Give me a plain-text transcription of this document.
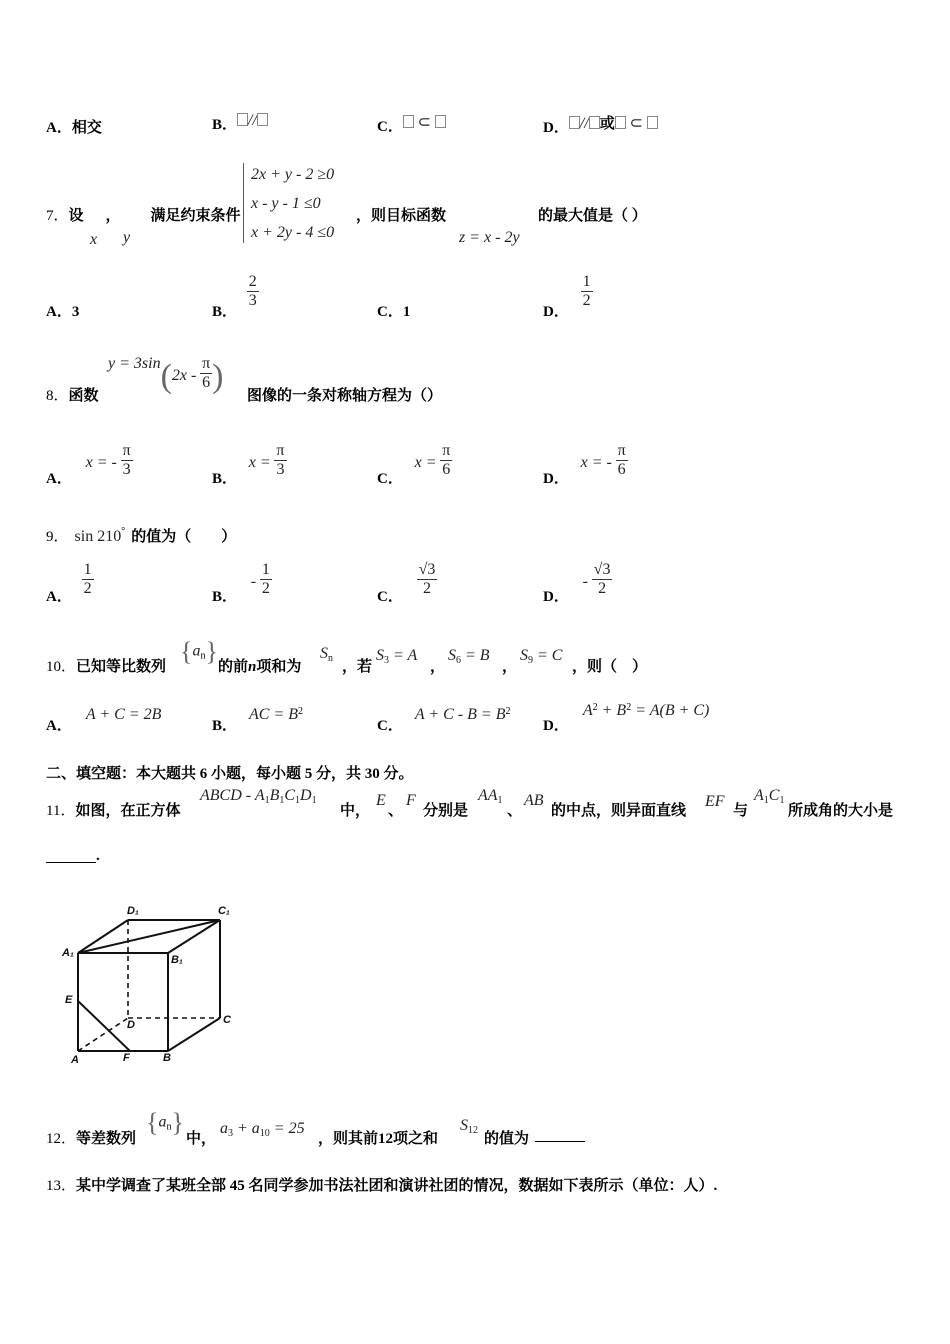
A．相交	B． //	C． ⊂	D． // 或 ⊂
7．设 ， 满足约束条件
x y
2x + y - 2 ≥0
x - y - 1 ≤0
x + 2y - 4 ≤0
，则目标函数
z = x - 2y
的最大值是（ ）
A．3	B．
$\frac{2}{3}$
C．1	D．
$\frac{1}{2}$
8．函数
$y = 3\sin(2x - \frac{\pi}{6}$ )
图像的一条对称轴方程为（）
A． x = - $\frac{\pi}{3}$	B． $x = \frac{\pi}{3}$	C． $x = \frac{\pi}{6}$	D． x = - $\frac{\pi}{6}$
9． sin 210° 的值为（　　）
A． $\frac{1}{2}$	B． - $\frac{1}{2}$	C． $\frac{√3}{2}$	D． - $\frac{√3}{2}$
10．已知等比数列
$\{a_n\}$
的前n项和为
$S_n$
，若
$S_3 = A$
，
$S_6 = B$
，
$S_9 = C$
，则（　）
A．A + C = 2B
B．AC = $B^2$
C．$A + C - B = B^2$
D．$A^2 + B^2 = A(B + C)$
二、填空题：本大题共 6 小题，每小题 5 分，共 30 分。
11．如图，在正方体
ABCD - $A_1B_1C_1D_1$
中，
E
、
F
分别是
$AA_1$
、
AB
的中点，则异面直线
EF
与
$A_1C_1$
所成角的大小是
.
D₁	C₁
A₁
B₁
E
D	C
A	F	B
12．等差数列
$\{a_n\}$
中，
$a_3 + a_{10} = 25$
，则其前12项之和
$S_{12}$
的值为
13．某中学调查了某班全部 45 名同学参加书法社团和演讲社团的情况，数据如下表所示（单位：人）.
